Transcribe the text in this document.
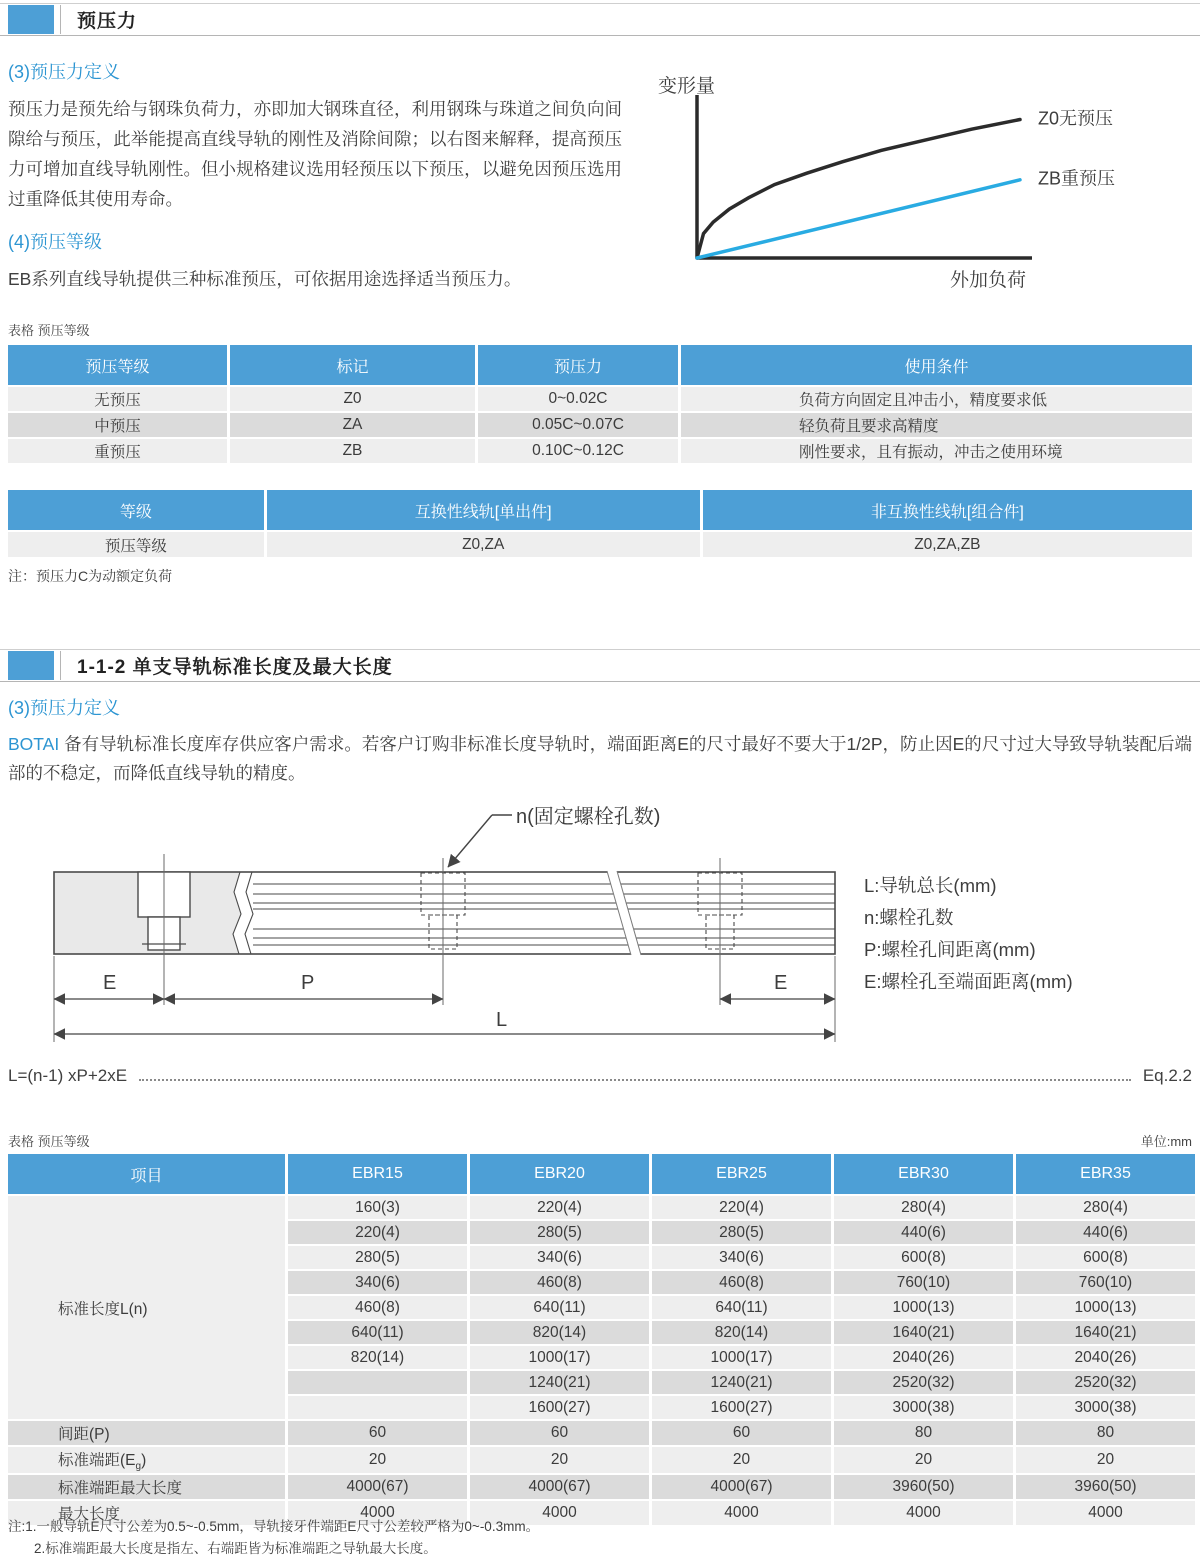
预压力
(3)预压力定义

预压力是预先给与钢珠负荷力，亦即加大钢珠直径，利用钢珠与珠道之间负向间隙给与预压，此举能提高直线导轨的刚性及消除间隙；以右图来解释，提高预压力可增加直线导轨刚性。但小规格建议选用轻预压以下预压，以避免因预压选用过重降低其使用寿命。

(4)预压等级

EB系列直线导轨提供三种标准预压，可依据用途选择适当预压力。

变形量
Z0无预压
ZB重预压
外加负荷
表格 预压等级
预压等级	标记	预压力	使用条件
无预压	Z0	0~0.02C	负荷方向固定且冲击小，精度要求低
中预压	ZA	0.05C~0.07C	轻负荷且要求高精度
重预压	ZB	0.10C~0.12C	刚性要求，且有振动，冲击之使用环境
等级	互换性线轨[单出件]	非互换性线轨[组合件]
预压等级	Z0,ZA	Z0,ZA,ZB
注：预压力C为动额定负荷
1-1-2 单支导轨标准长度及最大长度
(3)预压力定义

BOTAI 备有导轨标准长度库存供应客户需求。若客户订购非标准长度导轨时，端面距离E的尺寸最好不要大于1/2P，防止因E的尺寸过大导致导轨装配后端部的不稳定，而降低直线导轨的精度。

n(固定螺栓孔数)
E	P	E
L
L:导轨总长(mm)
n:螺栓孔数
P:螺栓孔间距离(mm)
E:螺栓孔至端面距离(mm)
L=(n-1) xP+2xE	Eq.2.2
表格 预压等级	单位:mm
项目	EBR15	EBR20	EBR25	EBR30	EBR35
标准长度L(n)	160(3)	220(4)	220(4)	280(4)	280(4)
	220(4)	280(5)	280(5)	440(6)	440(6)
	280(5)	340(6)	340(6)	600(8)	600(8)
	340(6)	460(8)	460(8)	760(10)	760(10)
	460(8)	640(11)	640(11)	1000(13)	1000(13)
	640(11)	820(14)	820(14)	1640(21)	1640(21)
	820(14)	1000(17)	1000(17)	2040(26)	2040(26)
		1240(21)	1240(21)	2520(32)	2520(32)
		1600(27)	1600(27)	3000(38)	3000(38)
间距(P)	60	60	60	80	80
标准端距$(E_g)$	20	20	20	20	20
标准端距最大长度	4000(67)	4000(67)	4000(67)	3960(50)	3960(50)
最大长度	4000	4000	4000	4000	4000
注:1.一般导轨E尺寸公差为0.5~-0.5mm，导轨接牙件端距E尺寸公差较严格为0~-0.3mm。
2.标准端距最大长度是指左、右端距皆为标准端距之导轨最大长度。
